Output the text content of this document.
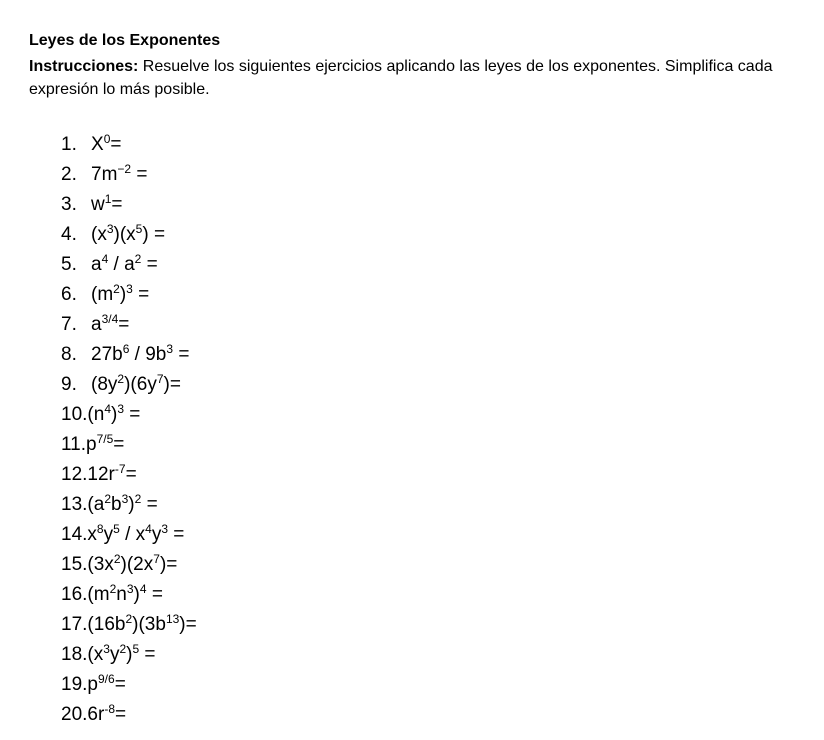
Leyes de los Exponentes
Instrucciones: Resuelve los siguientes ejercicios aplicando las leyes de los exponentes. Simplifica cada expresión lo más posible.
1. $X^0=$
2. $7m^{-2}$ =
3. $w^1=$
4. $(x^3)(x^5)$ =
5. $a^4 / a^2$ =
6. $(m^2)^3$ =
7. $a^{3/4}=$
8. $27b^6 / 9b^3$ =
9. $(8y^2)(6y^7)=$
10. $(n^4)^3$ =
11. $p^{7/5}=$
12. $12r^{-7}=$
13. $(a^2b^3)^2$ =
14. $x^8y^5 / x^4y^3$ =
15. $(3x^2)(2x^7)=$
16. $(m^2n^3)^4$ =
17. $(16b^2)(3b^{13})=$
18. $(x^3y^2)^5$ =
19. $p^{9/6}=$
20. $6r^{-8}=$
